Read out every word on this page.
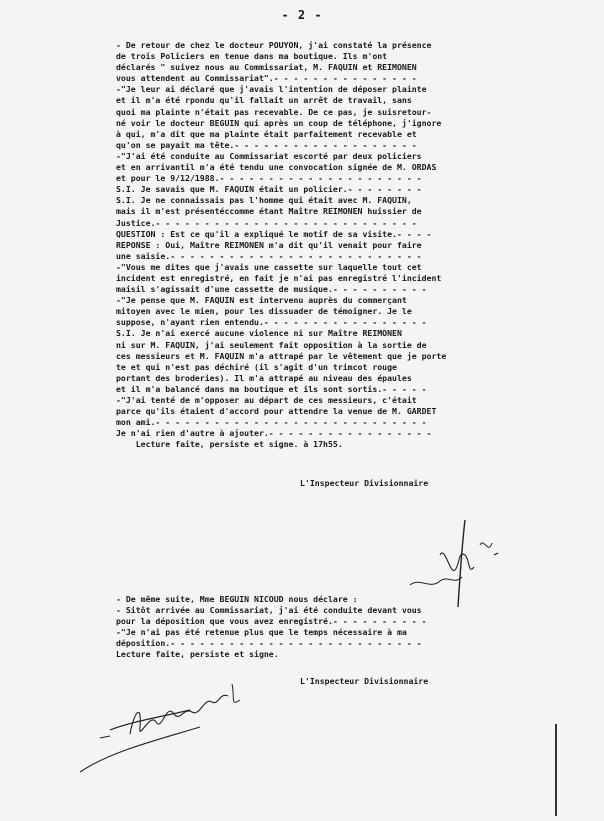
- 2 -
- De retour de chez le docteur POUYON, j'ai constaté la présence
de trois Policiers en tenue dans ma boutique. Ils m'ont
déclarés " suivez nous au Commissariat, M. FAQUIN et REIMONEN
vous attendent au Commissariat".- - - - - - - - - - - - - - -
-"Je leur ai déclaré que j'avais l'intention de déposer plainte
et il m'a été rpondu qu'il fallait un arrêt de travail, sans
quoi ma plainte n'était pas recevable. De ce pas, je suisretour-
né voir le docteur BEGUIN qui après un coup de téléphone, j'ignore
à qui, m'a dit que ma plainte était parfaitement recevable et
qu'on se payait ma tête.- - - - - - - - - - - - - - - - - - -
-"J'ai été conduite au Commissariat escorté par deux policiers
et en arrivantil m'a été tendu une convocation signée de M. ORDAS
et pour le 9/12/1988.- - - - - - - - - - - - - - - - - - - - -
S.I. Je savais que M. FAQUIN était un policier.- - - - - - - -
S.I. Je ne connaissais pas l'homme qui était avec M. FAQUIN,
mais il m'est présentéccomme étant Maître REIMONEN huissier de
Justice.- - - - - - - - - - - - - - - - - - - - - - - - - - -
QUESTION : Est ce qu'il a expliqué le motif de sa visite.- - - -
REPONSE : Oui, Maître REIMONEN m'a dit qu'il venait pour faire
une saisie.- - - - - - - - - - - - - - - - - - - - - - - - - -
-"Vous me dites que j'avais une cassette sur laquelle tout cet
incident est enregistré, en fait je n'ai pas enregistré l'incident
maisil s'agissait d'une cassette de musique.- - - - - - - - - -
-"Je pense que M. FAQUIN est intervenu auprès du commerçant
mitoyen avec le mien, pour les dissuader de témoigner. Je le
suppose, n'ayant rien entendu.- - - - - - - - - - - - - - - - -
S.I. Je n'ai exercé aucune violence ni sur Maître REIMONEN
ni sur M. FAQUIN, j'ai seulement fait opposition à la sortie de
ces messieurs et M. FAQUIN m'a attrapé par le vêtement que je porte
te et qui n'est pas déchiré (il s'agit d'un trimcot rouge
portant des broderies). Il m'a attrapé au niveau des épaules
et il m'a balancé dans ma boutique et ils sont sortis.- - - - -
-"J'ai tenté de m'opposer au départ de ces messieurs, c'était
parce qu'ils étaient d'accord pour attendre la venue de M. GARDET
mon ami.- - - - - - - - - - - - - - - - - - - - - - - - - - - -
Je n'ai rien d'autre à ajouter.- - - - - - - - - - - - - - - - -
Lecture faite, persiste et signe. à 17h55.
L'Inspecteur Divisionnaire
- De même suite, Mme BEGUIN NICOUD nous déclare :
- Sitôt arrivée au Commissariat, j'ai été conduite devant vous
pour la déposition que vous avez enregistré.- - - - - - - - - -
-"Je n'ai pas été retenue plus que le temps nécessaire à ma
déposition.- - - - - - - - - - - - - - - - - - - - - - - - - -
Lecture faite, persiste et signe.
L'Inspecteur Divisionnaire
